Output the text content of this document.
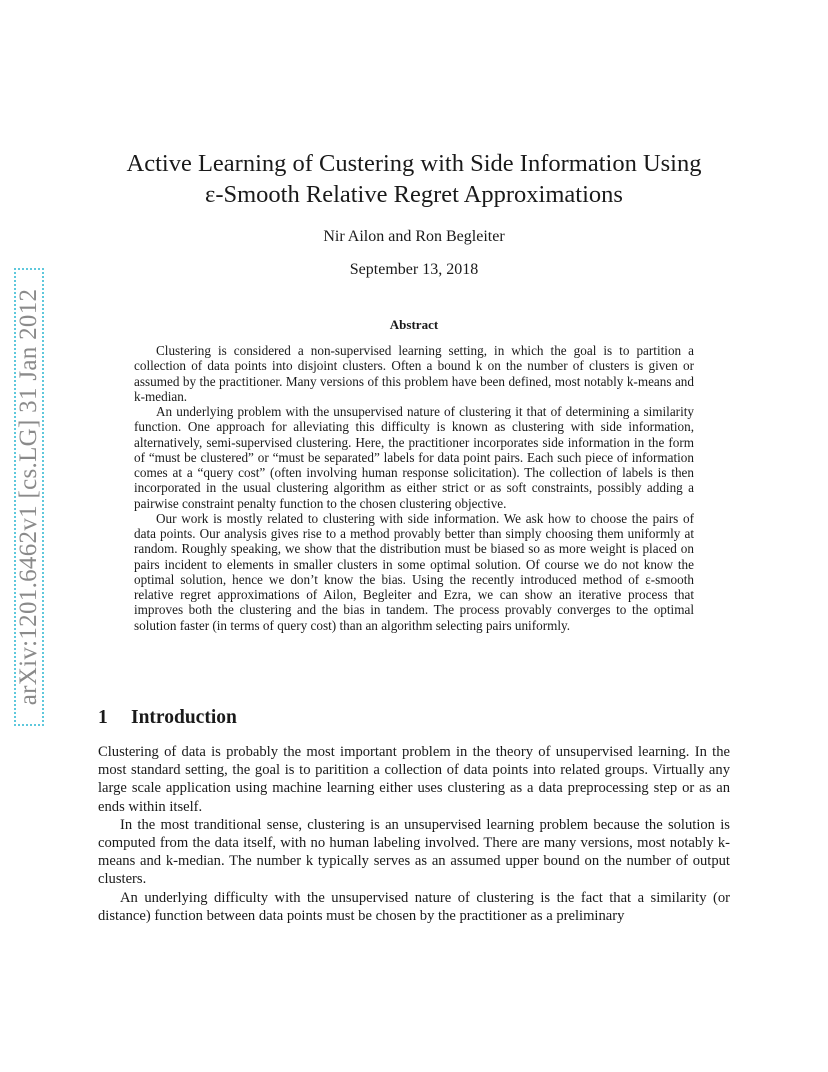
arXiv:1201.6462v1 [cs.LG] 31 Jan 2012
Active Learning of Custering with Side Information Using
ε-Smooth Relative Regret Approximations
Nir Ailon and Ron Begleiter
September 13, 2018
Abstract

Clustering is considered a non-supervised learning setting, in which the goal is to partition a collection of data points into disjoint clusters. Often a bound k on the number of clusters is given or assumed by the practitioner. Many versions of this problem have been defined, most notably k-means and k-median.

An underlying problem with the unsupervised nature of clustering it that of determining a similarity function. One approach for alleviating this difficulty is known as clustering with side information, alternatively, semi-supervised clustering. Here, the practitioner incorporates side information in the form of “must be clustered” or “must be separated” labels for data point pairs. Each such piece of information comes at a “query cost” (often involving human response solicitation). The collection of labels is then incorporated in the usual clustering algorithm as either strict or as soft constraints, possibly adding a pairwise constraint penalty function to the chosen clustering objective.

Our work is mostly related to clustering with side information. We ask how to choose the pairs of data points. Our analysis gives rise to a method provably better than simply choosing them uniformly at random. Roughly speaking, we show that the distribution must be biased so as more weight is placed on pairs incident to elements in smaller clusters in some optimal solution. Of course we do not know the optimal solution, hence we don’t know the bias. Using the recently introduced method of ε-smooth relative regret approximations of Ailon, Begleiter and Ezra, we can show an iterative process that improves both the clustering and the bias in tandem. The process provably converges to the optimal solution faster (in terms of query cost) than an algorithm selecting pairs uniformly.

1 Introduction

Clustering of data is probably the most important problem in the theory of unsupervised learning. In the most standard setting, the goal is to paritition a collection of data points into related groups. Virtually any large scale application using machine learning either uses clustering as a data preprocessing step or as an ends within itself.

In the most tranditional sense, clustering is an unsupervised learning problem because the solution is computed from the data itself, with no human labeling involved. There are many versions, most notably k-means and k-median. The number k typically serves as an assumed upper bound on the number of output clusters.

An underlying difficulty with the unsupervised nature of clustering is the fact that a similarity (or distance) function between data points must be chosen by the practitioner as a preliminary
